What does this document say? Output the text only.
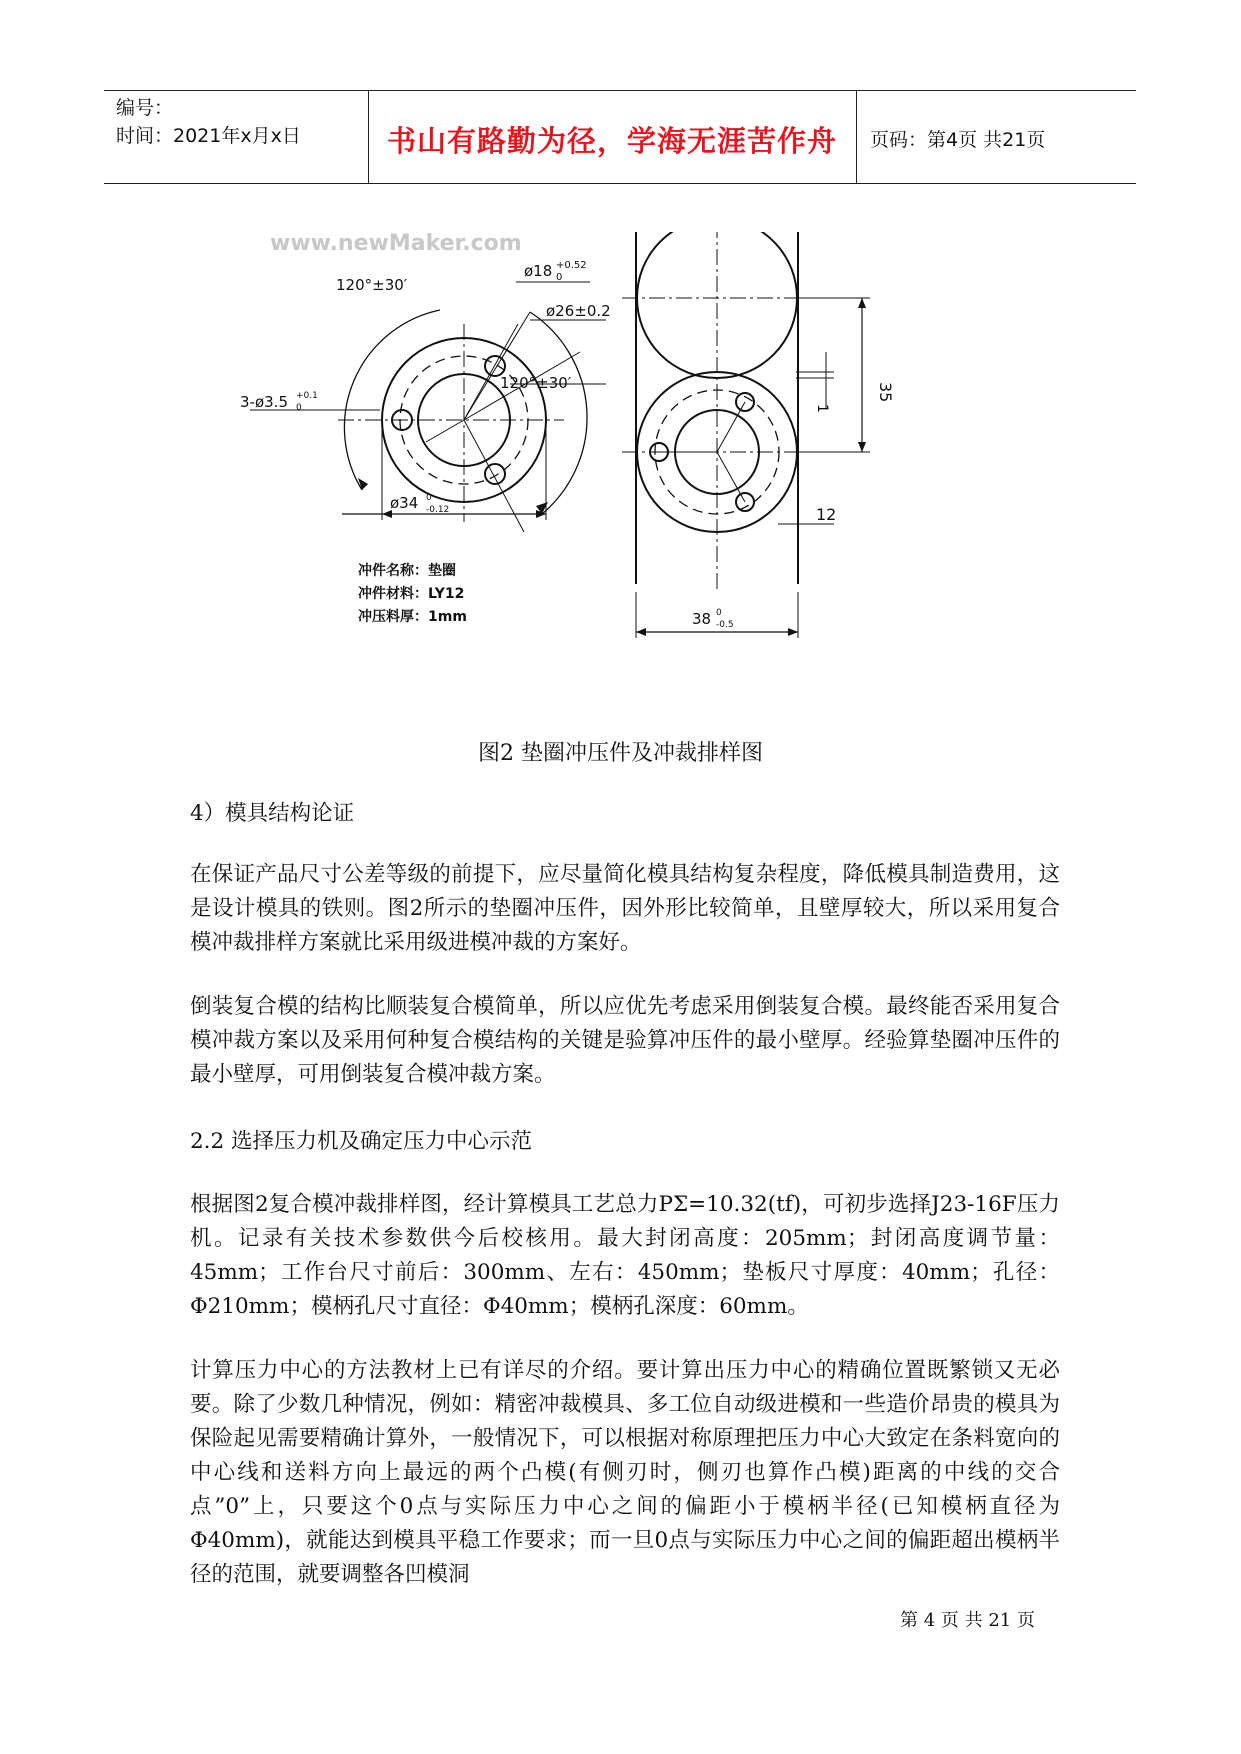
编号：
时间：2021年x月x日	书山有路勤为径，学海无涯苦作舟	页码：第4页 共21页
www.newMaker.com
120°±30′
ø18 +0.52
0
ø26±0.2
120°±30′
3-ø3.5 +0.1
0
ø34 0
-0.12
冲件名称：垫圈
冲件材料：LY12
冲压料厚：1mm
35
1
12
38 0
-0.5
图2 垫圈冲压件及冲裁排样图
4）模具结构论证
在保证产品尺寸公差等级的前提下，应尽量简化模具结构复杂程度，降低模具制造费用，这是设计模具的铁则。图2所示的垫圈冲压件，因外形比较简单，且壁厚较大，所以采用复合模冲裁排样方案就比采用级进模冲裁的方案好。
倒装复合模的结构比顺装复合模简单，所以应优先考虑采用倒装复合模。最终能否采用复合模冲裁方案以及采用何种复合模结构的关键是验算冲压件的最小壁厚。经验算垫圈冲压件的最小壁厚，可用倒装复合模冲裁方案。
2.2 选择压力机及确定压力中心示范
根据图2复合模冲裁排样图，经计算模具工艺总力PΣ=10.32(tf)，可初步选择J23-16F压力机。记录有关技术参数供今后校核用。最大封闭高度：205mm；封闭高度调节量：45mm；工作台尺寸前后：300mm、左右：450mm；垫板尺寸厚度：40mm；孔径：Φ210mm；模柄孔尺寸直径：Φ40mm；模柄孔深度：60mm。
计算压力中心的方法教材上已有详尽的介绍。要计算出压力中心的精确位置既繁锁又无必要。除了少数几种情况，例如：精密冲裁模具、多工位自动级进模和一些造价昂贵的模具为保险起见需要精确计算外，一般情况下，可以根据对称原理把压力中心大致定在条料宽向的中心线和送料方向上最远的两个凸模(有侧刃时，侧刃也算作凸模)距离的中线的交合点”0”上，只要这个0点与实际压力中心之间的偏距小于模柄半径(已知模柄直径为Φ40mm)，就能达到模具平稳工作要求；而一旦0点与实际压力中心之间的偏距超出模柄半径的范围，就要调整各凹模洞
第 4 页 共 21 页
